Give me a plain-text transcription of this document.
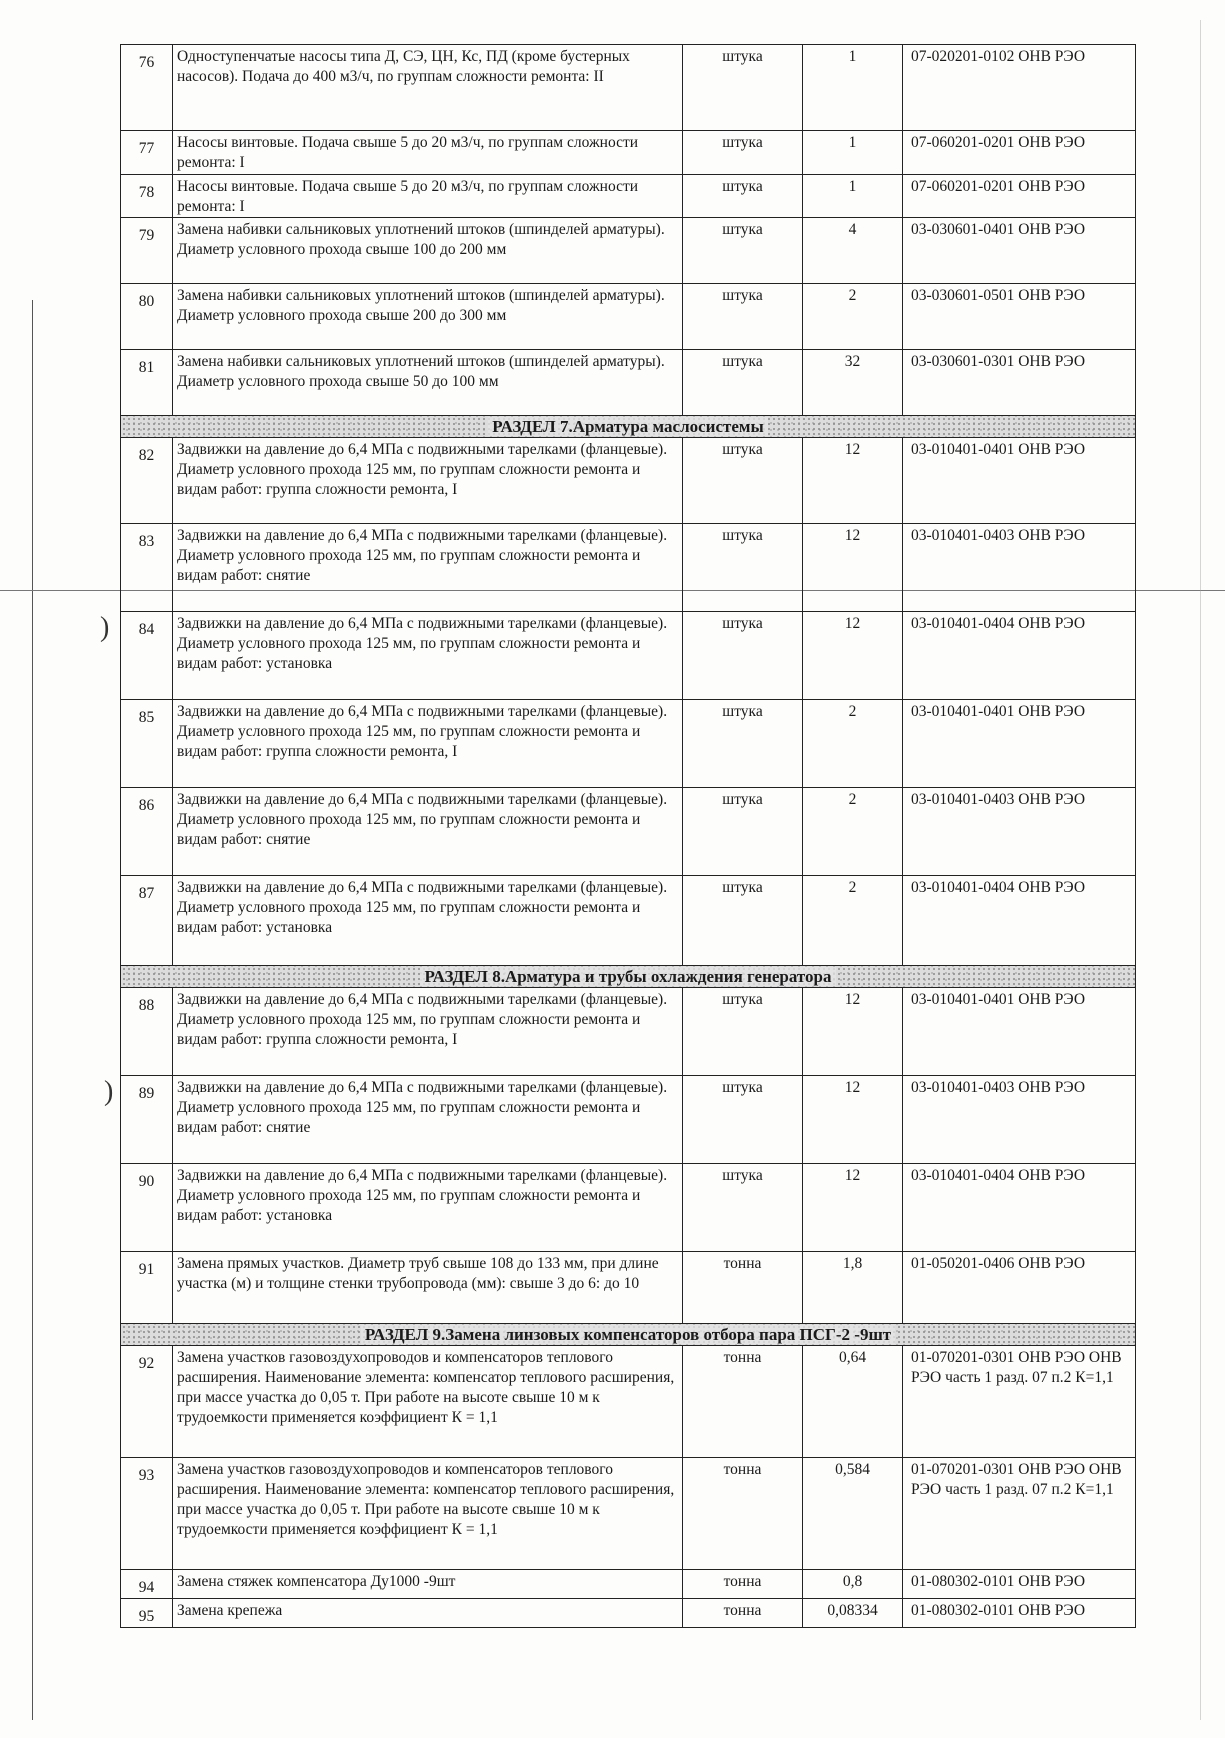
)
)
76	Одноступенчатые насосы типа Д, СЭ, ЦН, Кс, ПД (кроме бустерных насосов). Подача до 400 м3/ч, по группам сложности ремонта: II	штука	1	07-020201-0102 ОНВ РЭО
77	Насосы винтовые. Подача свыше 5 до 20 м3/ч, по группам сложности ремонта: I	штука	1	07-060201-0201 ОНВ РЭО
78	Насосы винтовые. Подача свыше 5 до 20 м3/ч, по группам сложности ремонта: I	штука	1	07-060201-0201 ОНВ РЭО
79	Замена набивки сальниковых уплотнений штоков (шпинделей арматуры). Диаметр условного прохода свыше 100 до 200 мм	штука	4	03-030601-0401 ОНВ РЭО
80	Замена набивки сальниковых уплотнений штоков (шпинделей арматуры). Диаметр условного прохода свыше 200 до 300 мм	штука	2	03-030601-0501 ОНВ РЭО
81	Замена набивки сальниковых уплотнений штоков (шпинделей арматуры). Диаметр условного прохода свыше 50 до 100 мм	штука	32	03-030601-0301 ОНВ РЭО
РАЗДЕЛ 7.Арматура маслосистемы				
82	Задвижки на давление до 6,4 МПа с подвижными тарелками (фланцевые). Диаметр условного прохода 125 мм, по группам сложности ремонта и видам работ: группа сложности ремонта, I	штука	12	03-010401-0401 ОНВ РЭО
83	Задвижки на давление до 6,4 МПа с подвижными тарелками (фланцевые). Диаметр условного прохода 125 мм, по группам сложности ремонта и видам работ: снятие	штука	12	03-010401-0403 ОНВ РЭО
84	Задвижки на давление до 6,4 МПа с подвижными тарелками (фланцевые). Диаметр условного прохода 125 мм, по группам сложности ремонта и видам работ: установка	штука	12	03-010401-0404 ОНВ РЭО
85	Задвижки на давление до 6,4 МПа с подвижными тарелками (фланцевые). Диаметр условного прохода 125 мм, по группам сложности ремонта и видам работ: группа сложности ремонта, I	штука	2	03-010401-0401 ОНВ РЭО
86	Задвижки на давление до 6,4 МПа с подвижными тарелками (фланцевые). Диаметр условного прохода 125 мм, по группам сложности ремонта и видам работ: снятие	штука	2	03-010401-0403 ОНВ РЭО
87	Задвижки на давление до 6,4 МПа с подвижными тарелками (фланцевые). Диаметр условного прохода 125 мм, по группам сложности ремонта и видам работ: установка	штука	2	03-010401-0404 ОНВ РЭО
РАЗДЕЛ 8.Арматура и трубы охлаждения генератора				
88	Задвижки на давление до 6,4 МПа с подвижными тарелками (фланцевые). Диаметр условного прохода 125 мм, по группам сложности ремонта и видам работ: группа сложности ремонта, I	штука	12	03-010401-0401 ОНВ РЭО
89	Задвижки на давление до 6,4 МПа с подвижными тарелками (фланцевые). Диаметр условного прохода 125 мм, по группам сложности ремонта и видам работ: снятие	штука	12	03-010401-0403 ОНВ РЭО
90	Задвижки на давление до 6,4 МПа с подвижными тарелками (фланцевые). Диаметр условного прохода 125 мм, по группам сложности ремонта и видам работ: установка	штука	12	03-010401-0404 ОНВ РЭО
91	Замена прямых участков. Диаметр труб свыше 108 до 133 мм, при длине участка (м) и толщине стенки трубопровода (мм): свыше 3 до 6: до 10	тонна	1,8	01-050201-0406 ОНВ РЭО
РАЗДЕЛ 9.Замена линзовых компенсаторов отбора пара ПСГ-2 -9шт				
92	Замена участков газовоздухопроводов и компенсаторов теплового расширения. Наименование элемента: компенсатор теплового расширения, при массе участка до 0,05 т. При работе на высоте свыше 10 м к трудоемкости применяется коэффициент К = 1,1	тонна	0,64	01-070201-0301 ОНВ РЭО ОНВ РЭО часть 1 разд. 07 п.2 К=1,1
93	Замена участков газовоздухопроводов и компенсаторов теплового расширения. Наименование элемента: компенсатор теплового расширения, при массе участка до 0,05 т. При работе на высоте свыше 10 м к трудоемкости применяется коэффициент К = 1,1	тонна	0,584	01-070201-0301 ОНВ РЭО ОНВ РЭО часть 1 разд. 07 п.2 К=1,1
94	Замена стяжек компенсатора Ду1000 -9шт	тонна	0,8	01-080302-0101 ОНВ РЭО
95	Замена крепежа	тонна	0,08334	01-080302-0101 ОНВ РЭО
